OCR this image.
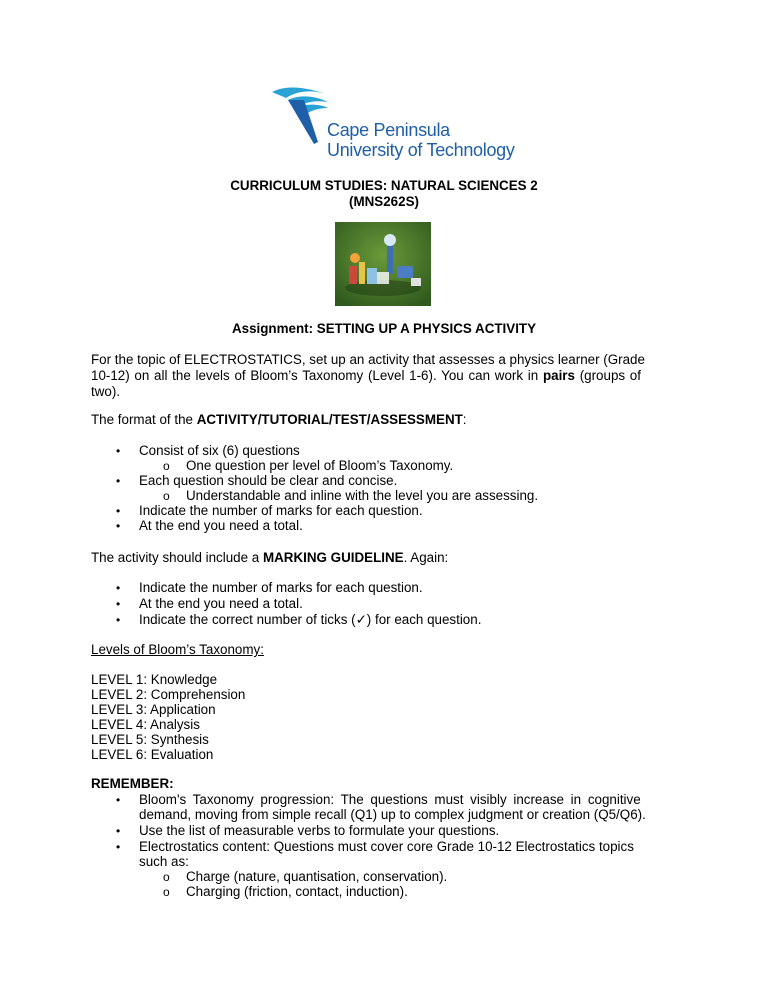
Cape Peninsula
University of Technology
CURRICULUM STUDIES: NATURAL SCIENCES 2
(MNS262S)
Assignment: SETTING UP A PHYSICS ACTIVITY
For the topic of ELECTROSTATICS, set up an activity that assesses a physics learner (Grade
10-12) on all the levels of Bloom’s Taxonomy (Level 1-6). You can work in pairs (groups of
two).
The format of the ACTIVITY/TUTORIAL/TEST/ASSESSMENT:
• Consist of six (6) questions
o One question per level of Bloom’s Taxonomy.
• Each question should be clear and concise.
o Understandable and inline with the level you are assessing.
• Indicate the number of marks for each question.
• At the end you need a total.
The activity should include a MARKING GUIDELINE. Again:
• Indicate the number of marks for each question.
• At the end you need a total.
• Indicate the correct number of ticks (✓) for each question.
Levels of Bloom’s Taxonomy:
LEVEL 1: Knowledge
LEVEL 2: Comprehension
LEVEL 3: Application
LEVEL 4: Analysis
LEVEL 5: Synthesis
LEVEL 6: Evaluation
REMEMBER:
• Bloom's Taxonomy progression: The questions must visibly increase in cognitive
demand, moving from simple recall (Q1) up to complex judgment or creation (Q5/Q6).
• Use the list of measurable verbs to formulate your questions.
• Electrostatics content: Questions must cover core Grade 10-12 Electrostatics topics
such as:
o Charge (nature, quantisation, conservation).
o Charging (friction, contact, induction).
